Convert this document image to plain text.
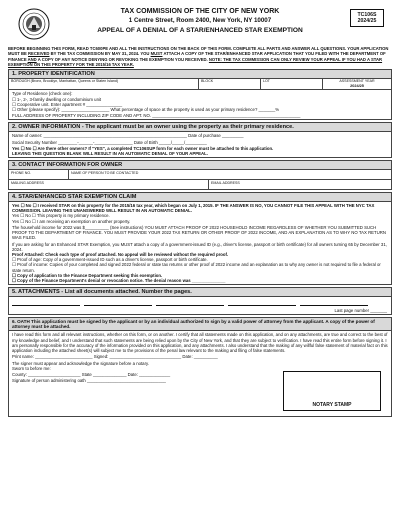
TAX COMMISSION OF THE CITY OF NEW YORK
1 Centre Street, Room 2400, New York, NY 10007
APPEAL OF A DENIAL OF A STAR/ENHANCED STAR EXEMPTION
TC106S
2024/25
BEFORE BEGINNING THIS FORM, READ TC600PE AND ALL THE INSTRUCTIONS ON THE BACK OF THIS FORM. COMPLETE ALL PARTS AND ANSWER ALL QUESTIONS. YOUR APPLICATION MUST BE RECEIVED BY THE TAX COMMISSION BY MAY 31, 2024. YOU MUST ATTACH A COPY OF THE STAR/ENHANCED STAR APPLICATION THAT YOU FILED WITH THE DEPARTMENT OF FINANCE AND A COPY OF ANY NOTICE DENYING OR REVOKING THE EXEMPTION YOU RECEIVED. NOTE: THE TAX COMMISSION CAN ONLY REVIEW YOUR APPEAL IF YOU HAD A STAR EXEMPTION ON THIS PROPERTY FOR THE 2015/16 TAX YEAR.
1. PROPERTY IDENTIFICATION
BOROUGH (Bronx, Brooklyn, Manhattan, Queens or Staten Island)	BLOCK	LOT	ASSESSMENT YEAR
2024/25
Type of Residence (check one):
☐ 1-, 2-, 3-family dwelling or condominium unit
☐ Cooperative unit. Enter apartment # _______________
☐ Other (please specify): ____________________ What percentage of space at the property is used as your primary residence? _______%
FULL ADDRESS OF PROPERTY INCLUDING ZIP CODE AND APT. NO. ______________________________________________________________
2. OWNER INFORMATION - The applicant must be an owner using the property as their primary residence.
Name of owner: ____________________________________________________________ Date of purchase _________
Social Security Number ________-______-________________ Date of Birth _____/_____/_________
Yes ☐ No ☐ Are there other owners? If "YES", a completed TC106SUP form for each owner must be attached to this application.
LEAVING THIS QUESTION BLANK WILL RESULT IN AN AUTOMATIC DENIAL OF YOUR APPEAL.
3. CONTACT INFORMATION FOR OWNER
PHONE NO.	NAME OF PERSON TO BE CONTACTED
MAILING ADDRESS	EMAIL ADDRESS
4. STAR/ENHANCED STAR EXEMPTION CLAIM
Yes ☐ No ☐ I received STAR on this property for the 2015/16 tax year, which began on July 1, 2015. IF THE ANSWER IS NO, YOU CANNOT FILE THIS APPEAL WITH THE NYC TAX COMMISSION. LEAVING THIS UNANSWERED WILL RESULT IN AN AUTOMATIC DENIAL.
Yes ☐ No ☐ This property is my primary residence.
Yes ☐ No ☐ I am receiving an exemption on another property.
The household income for 2022 was $__________ (See instructions) YOU MUST ATTACH PROOF OF 2022 HOUSEHOLD INCOME REGARDLESS OF WHETHER YOU SUBMITTED SUCH PROOF TO THE DEPARTMENT OF FINANCE. YOU MUST PROVIDE YOUR 2022 TAX RETURN OR OTHER PROOF OF 2022 INCOME, AND AN EXPLANATION AS TO WHY NO TAX RETURN WAS FILED.
If you are asking for an Enhanced STAR Exemption, you MUST attach a copy of a government-issued ID (e.g., driver's license, passport or birth certificate) for all owners turning 65 by December 31, 2024.
Proof Attached: Check each type of proof attached. No appeal will be reviewed without the required proof.
☐ Proof of age: Copy of a government-issued ID such as a driver's license, passport or birth certificate.
☐ Proof of income: Copies of your completed and signed 2022 federal or state tax returns or other proof of 2022 income and an explanation as to why any owner is not required to file a federal or state return.
☐ Copy of application to the Finance Department seeking this exemption.
☐ Copy of the Finance Department's denial or revocation notice. The denial reason was ______________
5. ATTACHMENTS - List all documents attached. Number the pages.
Last page number _______
6. OATH This application must be signed by the applicant or by an individual authorized to sign by a valid power of attorney from the applicant. A copy of the power of attorney must be attached.
I have read this form and all relevant instructions, whether on this form, or on another. I certify that all statements made on this application, and on any attachments, are true and correct to the best of my knowledge and belief, and I understand that such statements are being relied upon by the City of New York, and that they are subject to verification. I have read this entire form before signing it. I am personally responsible for the accuracy of the information provided on this application, and any attachments. I also understand that the making of any willful false statement of material fact on this application including the attached sheet(s) will subject me to the provisions of the penal law relevant to the making and filing of false statements.
Print name: ________________________ Signed: ______________________________ Date: __________
The signer must appear and acknowledge the signature before a notary.
Sworn to before me:
County: ______________________ State ______________ Date: _____________
Signature of person administering oath _________________________________
NOTARY STAMP
